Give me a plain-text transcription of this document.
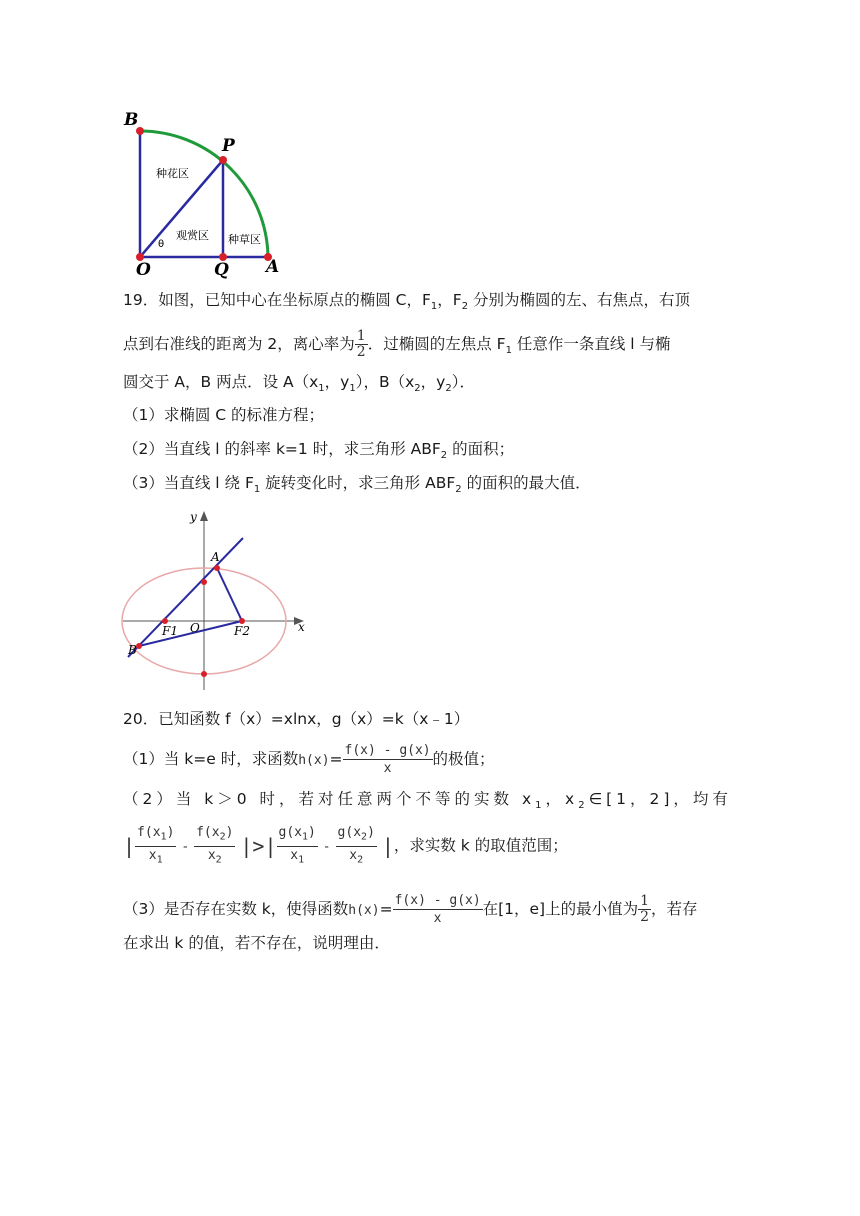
B
P
O	Q A
θ
种花区
观赏区 种草区
19．如图，已知中心在坐标原点的椭圆 C，$F_1$，$F_2$ 分别为椭圆的左、右焦点，右顶
点到右准线的距离为 2，离心率为 $\frac{1}{2}$ ．过椭圆的左焦点 $F_1$ 任意作一条直线 l 与椭
圆交于 A，B 两点．设 $A(x_1$，$y_1$），$B(x_2$，$y_2$）．
（1）求椭圆 C 的标准方程；
（2）当直线 l 的斜率 k=1 时，求三角形 $ABF_2$ 的面积；
（3）当直线 l 绕 $F_1$ 旋转变化时，求三角形 $ABF_2$ 的面积的最大值．
y
x
A
B
O
F1	F2
20．已知函数 f（x）=xlnx，g（x）=k（x﹣1）
（1）当 k=e 时，求函数$h(x)= \frac{f(x) - g(x)}{x}$ 的极值；
（2）当 k＞0 时，若对任意两个不等的实数 $x_1$，$x_2\in[1$，2]，均有
| $\frac{f(x_1)}{x_1} - \frac{f(x_2)}{x_2}$ |>| $\frac{g(x_1)}{x_1} - \frac{g(x_2)}{x_2}$ |，求实数 k 的取值范围；
（3）是否存在实数 k，使得函数$h(x)= \frac{f(x) - g(x)}{x}$ 在[1，e]上的最小值为 $\frac{1}{2}$ ，若存
在求出 k 的值，若不存在，说明理由．
